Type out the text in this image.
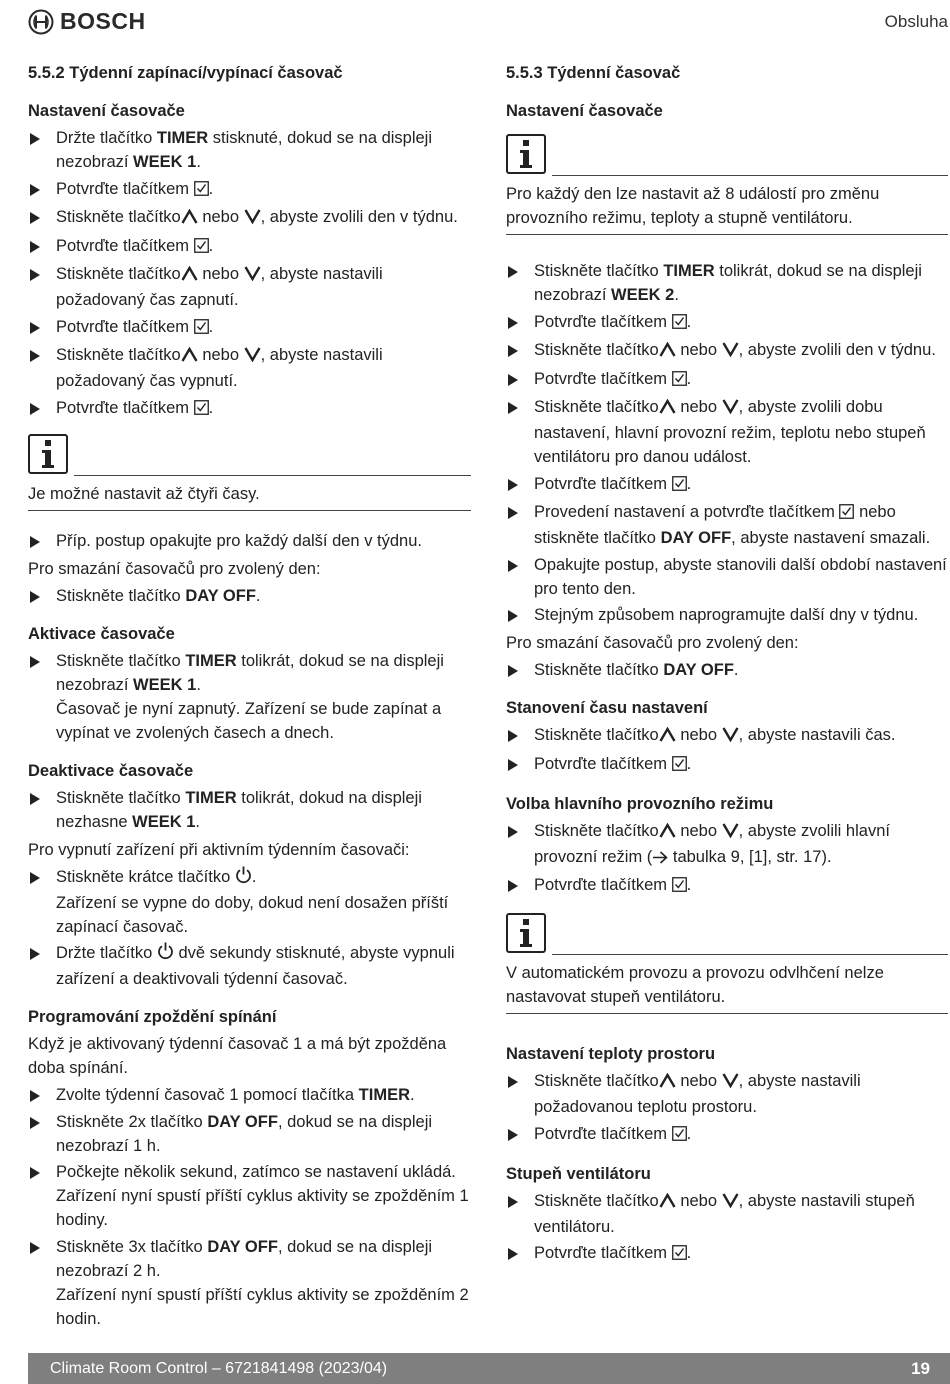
BOSCH	Obsluha
5.5.2 Týdenní zapínací/vypínací časovač
Nastavení časovače
Držte tlačítko TIMER stisknuté, dokud se na displeji nezobrazí WEEK 1.
Potvrďte tlačítkem .
Stiskněte tlačítko nebo , abyste zvolili den v týdnu.
Potvrďte tlačítkem .
Stiskněte tlačítko nebo , abyste nastavili požadovaný čas zapnutí.
Potvrďte tlačítkem .
Stiskněte tlačítko nebo , abyste nastavili požadovaný čas vypnutí.
Potvrďte tlačítkem .
Je možné nastavit až čtyři časy.
Příp. postup opakujte pro každý další den v týdnu.

Pro smazání časovačů pro zvolený den:

Stiskněte tlačítko DAY OFF.
Aktivace časovače
Stiskněte tlačítko TIMER tolikrát, dokud se na displeji nezobrazí WEEK 1.
Časovač je nyní zapnutý. Zařízení se bude zapínat a vypínat ve zvolených časech a dnech.
Deaktivace časovače
Stiskněte tlačítko TIMER tolikrát, dokud na displeji nezhasne WEEK 1.

Pro vypnutí zařízení při aktivním týdenním časovači:

Stiskněte krátce tlačítko .
Zařízení se vypne do doby, dokud není dosažen příští zapínací časovač.
Držte tlačítko dvě sekundy stisknuté, abyste vypnuli zařízení a deaktivovali týdenní časovač.
Programování zpoždění spínání

Když je aktivovaný týdenní časovač 1 a má být zpožděna doba spínání.

Zvolte týdenní časovač 1 pomocí tlačítka TIMER.
Stiskněte 2x tlačítko DAY OFF, dokud se na displeji nezobrazí 1 h.
Počkejte několik sekund, zatímco se nastavení ukládá.
Zařízení nyní spustí příští cyklus aktivity se zpožděním 1 hodiny.
Stiskněte 3x tlačítko DAY OFF, dokud se na displeji nezobrazí 2 h.
Zařízení nyní spustí příští cyklus aktivity se zpožděním 2 hodin.
5.5.3 Týdenní časovač
Nastavení časovače
Pro každý den lze nastavit až 8 událostí pro změnu provozního režimu, teploty a stupně ventilátoru.
Stiskněte tlačítko TIMER tolikrát, dokud se na displeji nezobrazí WEEK 2.
Potvrďte tlačítkem .
Stiskněte tlačítko nebo , abyste zvolili den v týdnu.
Potvrďte tlačítkem .
Stiskněte tlačítko nebo , abyste zvolili dobu nastavení, hlavní provozní režim, teplotu nebo stupeň ventilátoru pro danou událost.
Potvrďte tlačítkem .
Provedení nastavení a potvrďte tlačítkem nebo stiskněte tlačítko DAY OFF, abyste nastavení smazali.
Opakujte postup, abyste stanovili další období nastavení pro tento den.
Stejným způsobem naprogramujte další dny v týdnu.

Pro smazání časovačů pro zvolený den:

Stiskněte tlačítko DAY OFF.
Stanovení času nastavení
Stiskněte tlačítko nebo , abyste nastavili čas.
Potvrďte tlačítkem .
Volba hlavního provozního režimu
Stiskněte tlačítko nebo , abyste zvolili hlavní provozní režim ( tabulka 9, [1], str. 17).
Potvrďte tlačítkem .
V automatickém provozu a provozu odvlhčení nelze nastavovat stupeň ventilátoru.
Nastavení teploty prostoru
Stiskněte tlačítko nebo , abyste nastavili požadovanou teplotu prostoru.
Potvrďte tlačítkem .
Stupeň ventilátoru
Stiskněte tlačítko nebo , abyste nastavili stupeň ventilátoru.
Potvrďte tlačítkem .
Climate Room Control – 6721841498 (2023/04)	19
